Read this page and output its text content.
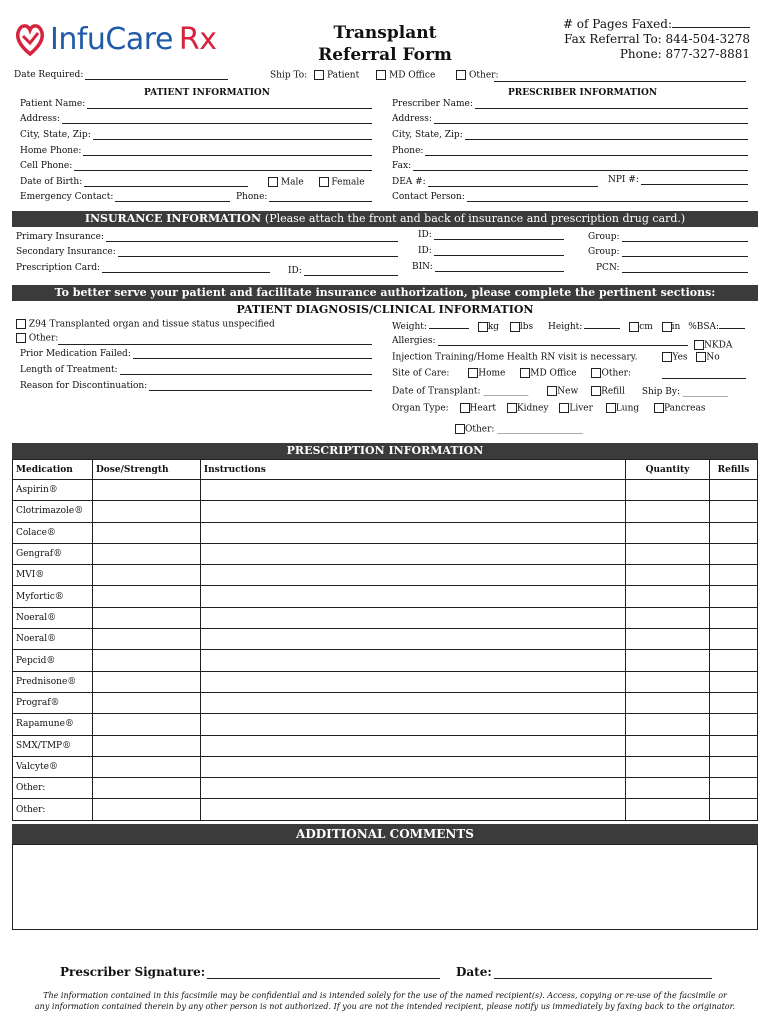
InfuCare Rx	Transplant
Referral Form
# of Pages Faxed:
Fax Referral To: 844-504-3278
Phone: 877-327-8881
Date Required:	Ship To: Patient	MD Office	Other:
PATIENT INFORMATION
Patient Name:
Address:
City, State, Zip:
Home Phone:
Cell Phone:
Date of Birth:	Male	Female
Emergency Contact:	Phone:
PRESCRIBER INFORMATION
Prescriber Name:
Address:
City, State, Zip:
Phone:
Fax:
DEA #:	NPI #:
Contact Person:
INSURANCE INFORMATION (Please attach the front and back of insurance and prescription drug card.)
Primary Insurance:	ID:	Group:
Secondary Insurance:	ID:	Group:
Prescription Card:	ID:	BIN:	PCN:
To better serve your patient and facilitate insurance authorization, please complete the pertinent sections:
PATIENT DIAGNOSIS/CLINICAL INFORMATION
Z94 Transplanted organ and tissue status unspecified
Other:
Prior Medication Failed:
Length of Treatment:
Reason for Discontinuation:
Weight:	kg lbs Height:	cm in %BSA:
Allergies:	NKDA
Injection Training/Home Health RN visit is necessary.	Yes No
Site of Care:	Home	MD Office	Other:
Date of Transplant: __________	New	Refill Ship By: __________
Organ Type: Heart Kidney Liver	Lung	Pancreas
Other: ___________________
PRESCRIPTION INFORMATION
Medication	Dose/Strength	Instructions	Quantity	Refills
Aspirin®				
Clotrimazole®				
Colace®				
Gengraf®				
MVI®				
Myfortic®				
Noeral®				
Noeral®				
Pepcid®				
Prednisone®				
Prograf®				
Rapamune®				
SMX/TMP®				
Valcyte®				
Other:				
Other:				
ADDITIONAL COMMENTS
Prescriber Signature:	Date:
The information contained in this facsimile may be confidential and is intended solely for the use of the named recipient(s). Access, copying or re-use of the facsimile or
any information contained therein by any other person is not authorized. If you are not the intended recipient, please notify us immediately by faxing back to the originator.
